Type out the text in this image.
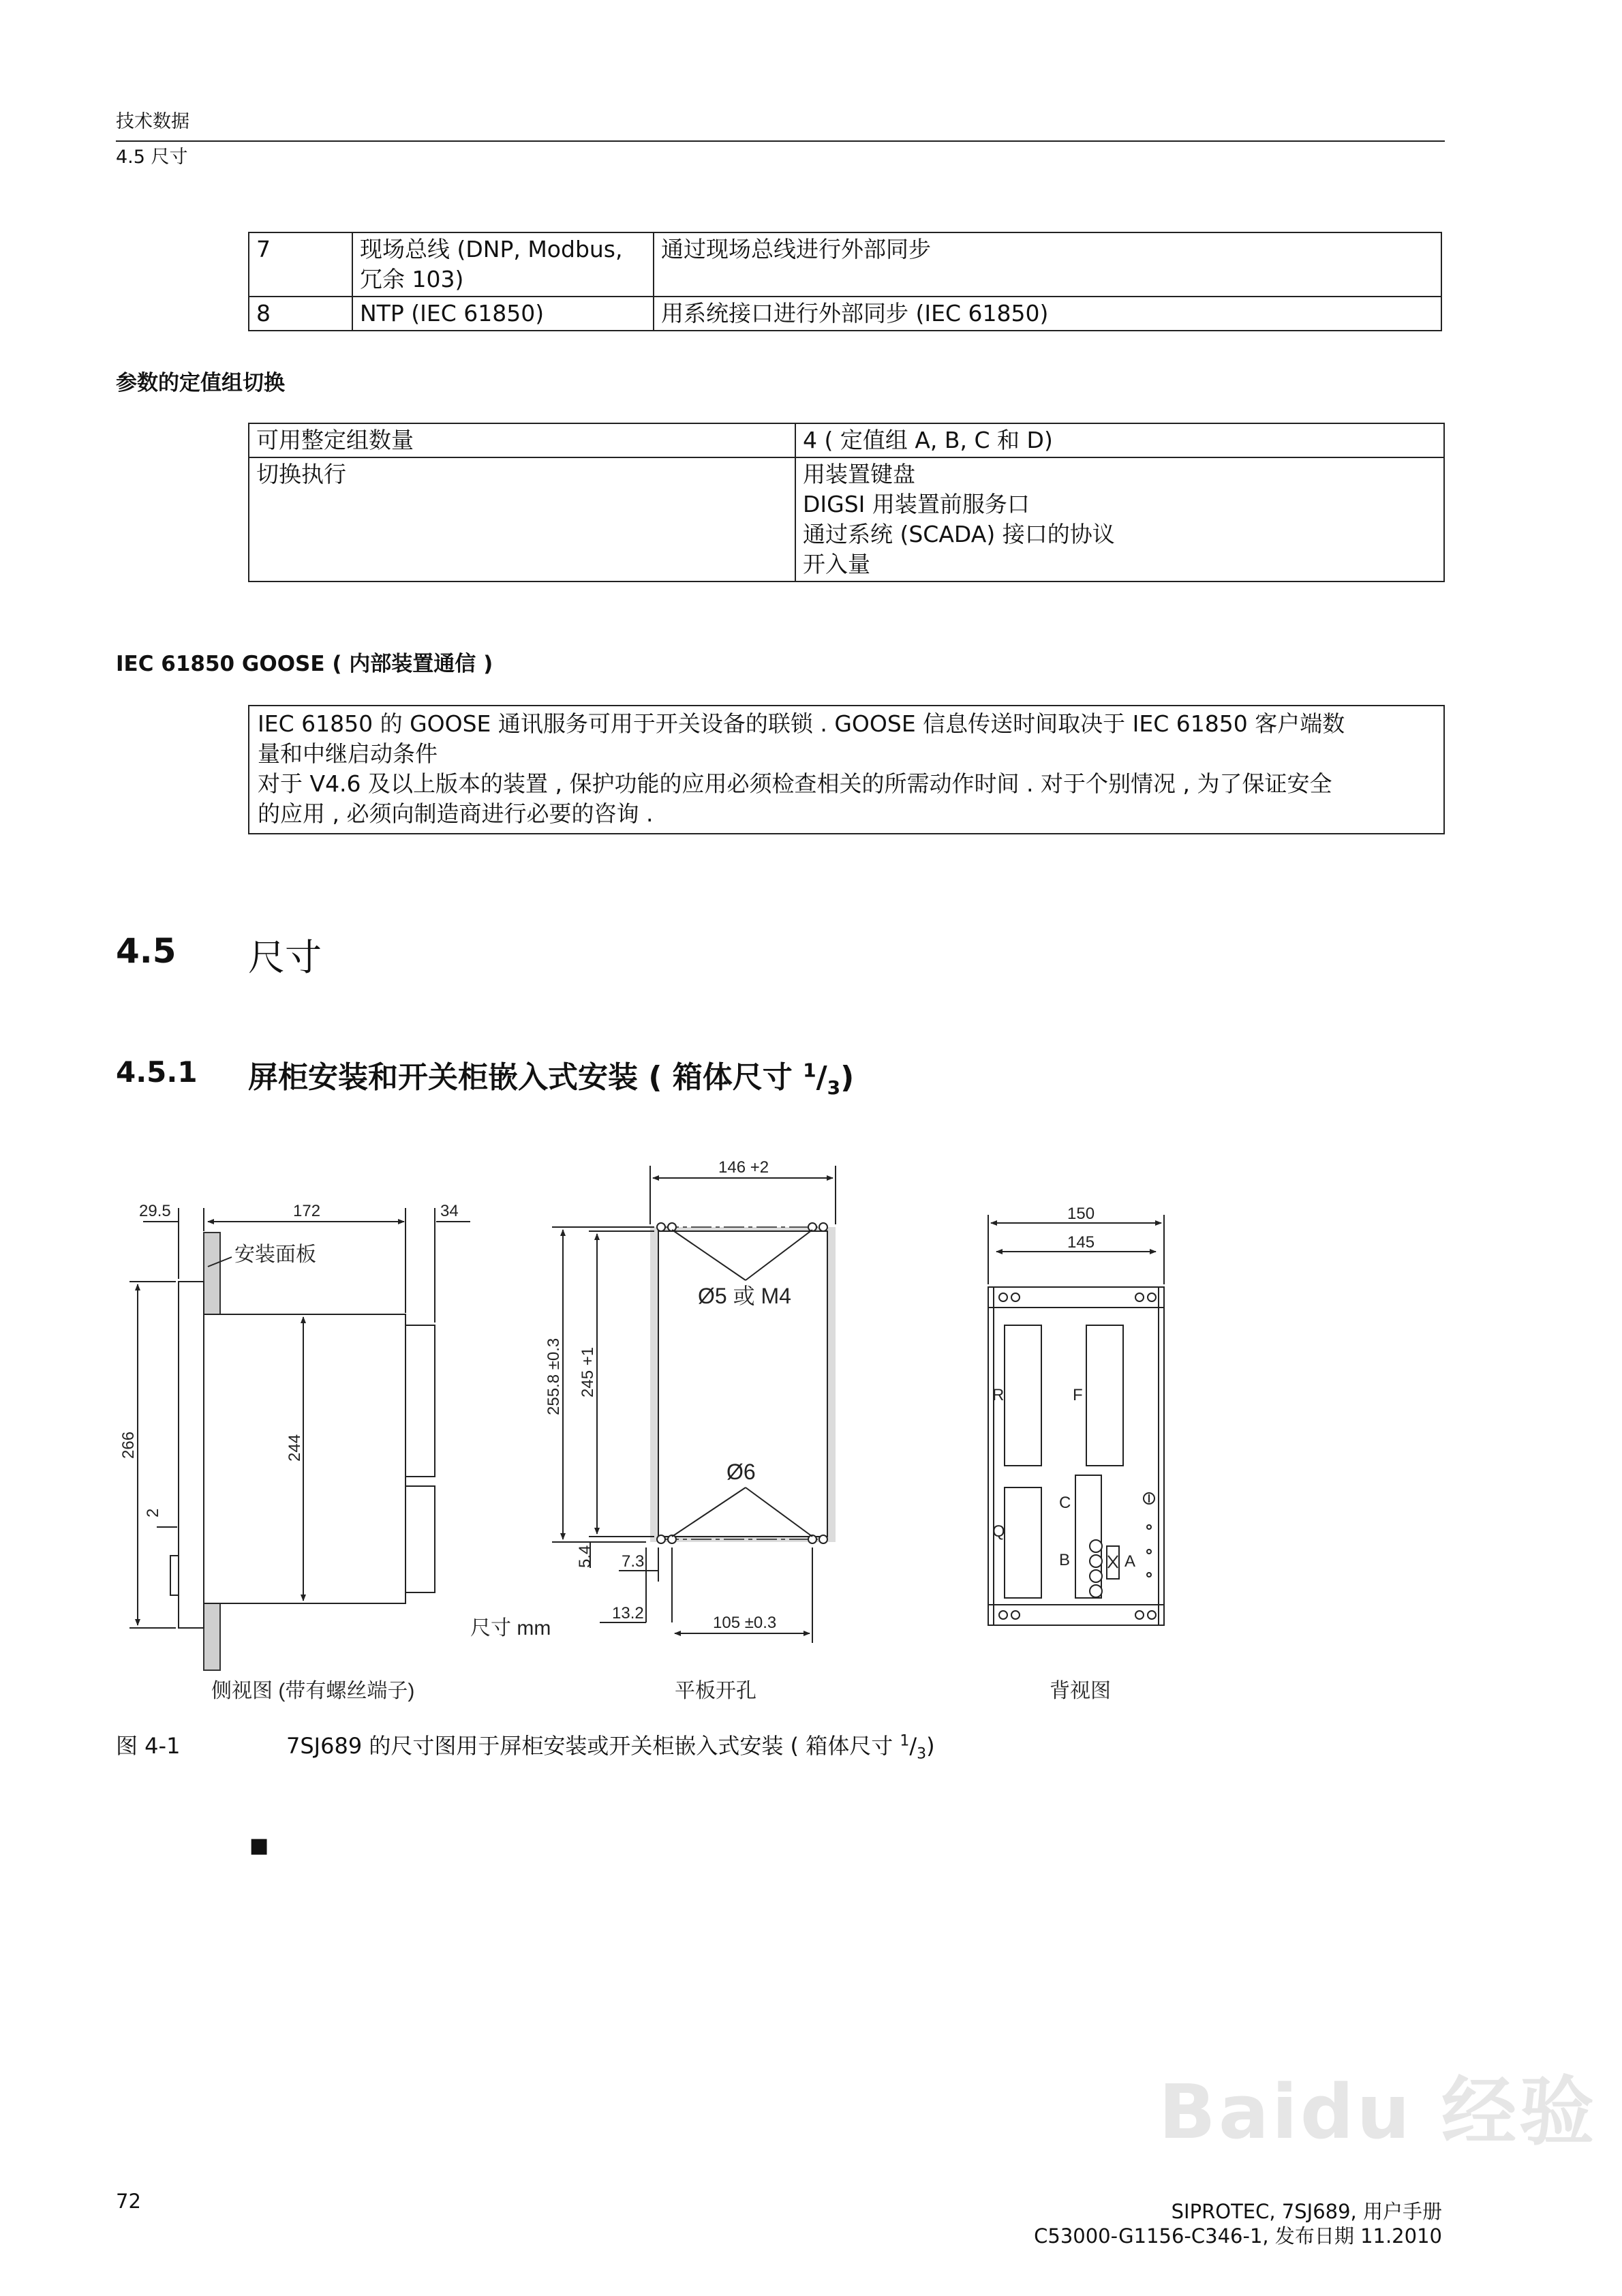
技术数据
4.5 尺寸
7	现场总线 (DNP, Modbus, 冗余 103)	通过现场总线进行外部同步
8	NTP (IEC 61850)	用系统接口进行外部同步 (IEC 61850)
参数的定值组切换
可用整定组数量	4 ( 定值组 A, B, C 和 D)
切换执行	用装置键盘
DIGSI 用装置前服务口
通过系统 (SCADA) 接口的协议
开入量
IEC 61850 GOOSE ( 内部装置通信 )
IEC 61850 的 GOOSE 通讯服务可用于开关设备的联锁 . GOOSE 信息传送时间取决于 IEC 61850 客户端数
量和中继启动条件
对于 V4.6 及以上版本的装置 , 保护功能的应用必须检查相关的所需动作时间 . 对于个别情况 , 为了保证安全
的应用 , 必须向制造商进行必要的咨询 .
4.5 尺寸
4.5.1 屏柜安装和开关柜嵌入式安装 ( 箱体尺寸 $^1/_3$)
29.5	172	34
安装面板
266	244
2
146 +2
255.8 ±0.3 245 +1
Ø5 或 M4
Ø6
5.4 7.3
13.2
105 ±0.3
150
145
R	F
Q
C
B	A
尺寸 mm
侧视图 (带有螺丝端子)	平板开孔	背视图
图 4-1	7SJ689 的尺寸图用于屏柜安装或开关柜嵌入式安装 ( 箱体尺寸 $^1/_3$)
■
Baidu 经验
72	SIPROTEC, 7SJ689, 用户手册
C53000-G1156-C346-1, 发布日期 11.2010
